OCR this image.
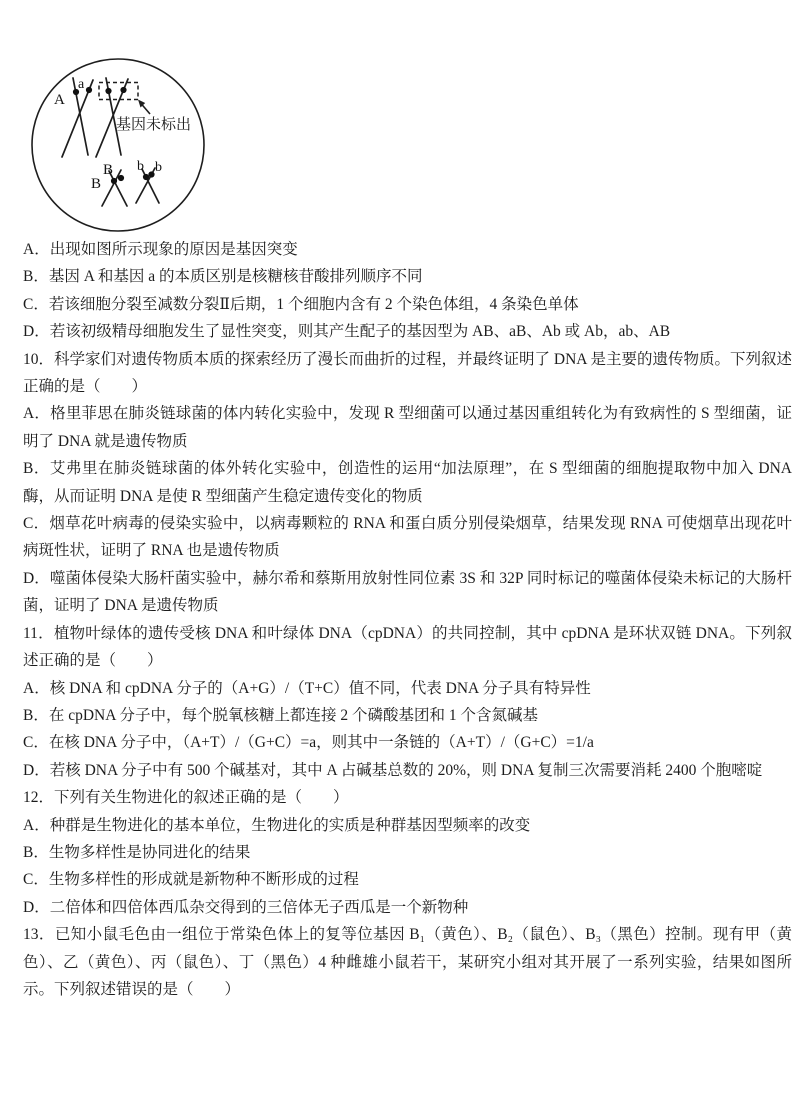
A
a
基因未标出
B
B
b b

A．出现如图所示现象的原因是基因突变

B．基因 A 和基因 a 的本质区别是核糖核苷酸排列顺序不同

C．若该细胞分裂至减数分裂Ⅱ后期，1 个细胞内含有 2 个染色体组，4 条染色单体

D．若该初级精母细胞发生了显性突变，则其产生配子的基因型为 AB、aB、Ab 或 Ab，ab、AB

10．科学家们对遗传物质本质的探索经历了漫长而曲折的过程，并最终证明了 DNA 是主要的遗传物质。下列叙述正确的是（　　）

A．格里菲思在肺炎链球菌的体内转化实验中，发现 R 型细菌可以通过基因重组转化为有致病性的 S 型细菌，证明了 DNA 就是遗传物质

B．艾弗里在肺炎链球菌的体外转化实验中，创造性的运用“加法原理”，在 S 型细菌的细胞提取物中加入 DNA 酶，从而证明 DNA 是使 R 型细菌产生稳定遗传变化的物质

C．烟草花叶病毒的侵染实验中，以病毒颗粒的 RNA 和蛋白质分别侵染烟草，结果发现 RNA 可使烟草出现花叶病斑性状，证明了 RNA 也是遗传物质

D．噬菌体侵染大肠杆菌实验中，赫尔希和蔡斯用放射性同位素 3S 和 32P 同时标记的噬菌体侵染未标记的大肠杆菌，证明了 DNA 是遗传物质

11．植物叶绿体的遗传受核 DNA 和叶绿体 DNA（cpDNA）的共同控制，其中 cpDNA 是环状双链 DNA。下列叙述正确的是（　　）

A．核 DNA 和 cpDNA 分子的（A+G）/（T+C）值不同，代表 DNA 分子具有特异性

B．在 cpDNA 分子中，每个脱氧核糖上都连接 2 个磷酸基团和 1 个含氮碱基

C．在核 DNA 分子中，（A+T）/（G+C）=a，则其中一条链的（A+T）/（G+C）=1/a

D．若核 DNA 分子中有 500 个碱基对，其中 A 占碱基总数的 20%，则 DNA 复制三次需要消耗 2400 个胞嘧啶

12．下列有关生物进化的叙述正确的是（　　）

A．种群是生物进化的基本单位，生物进化的实质是种群基因型频率的改变

B．生物多样性是协同进化的结果

C．生物多样性的形成就是新物种不断形成的过程

D．二倍体和四倍体西瓜杂交得到的三倍体无子西瓜是一个新物种

13．已知小鼠毛色由一组位于常染色体上的复等位基因 B₁（黄色）、B₂（鼠色）、B₃（黑色）控制。现有甲（黄色）、乙（黄色）、丙（鼠色）、丁（黑色）4 种雌雄小鼠若干，某研究小组对其开展了一系列实验，结果如图所示。下列叙述错误的是（　　）
